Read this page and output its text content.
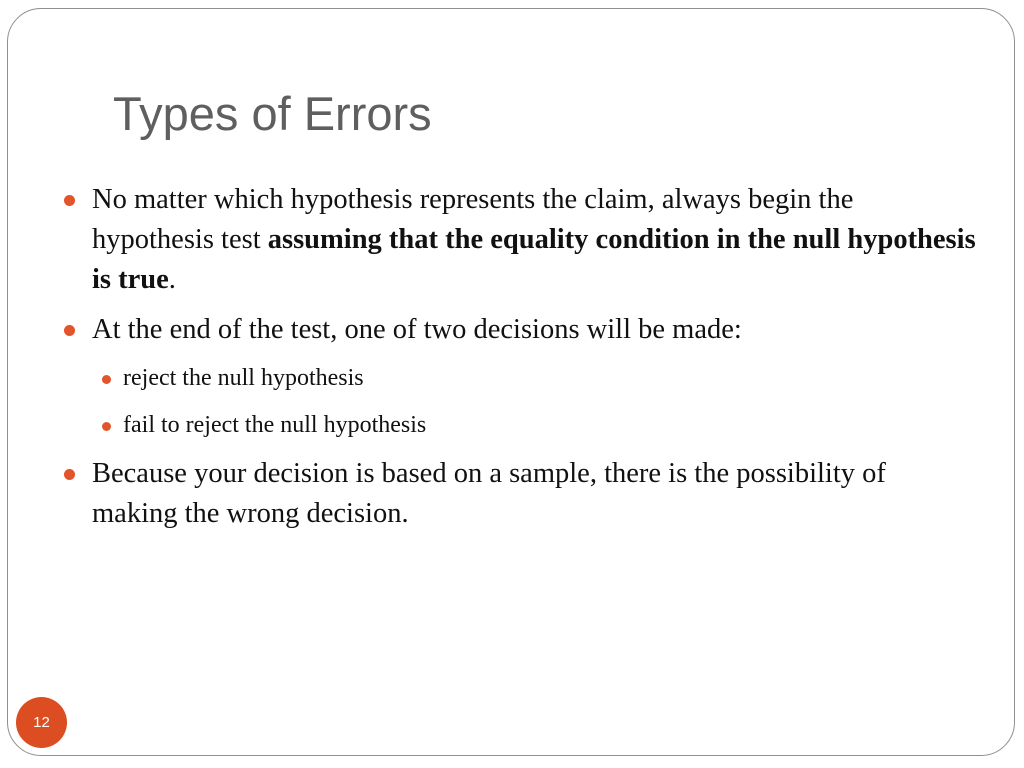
Types of Errors
No matter which hypothesis represents the claim, always begin the hypothesis test assuming that the equality condition in the null hypothesis is true.
At the end of the test, one of two decisions will be made:
reject the null hypothesis
fail to reject the null hypothesis
Because your decision is based on a sample, there is the possibility of making the wrong decision.
12
